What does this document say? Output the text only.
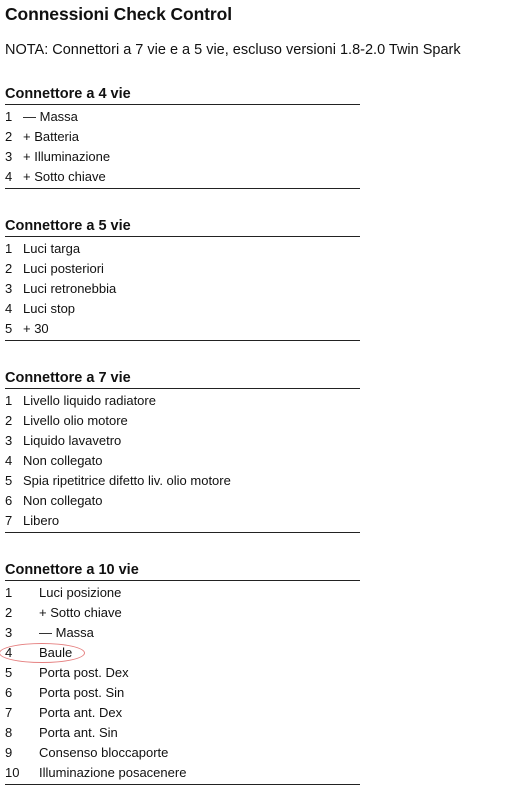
Connessioni Check Control
NOTA: Connettori a 7 vie e a 5 vie, escluso versioni 1.8-2.0 Twin Spark
Connettore a 4 vie
1 — Massa
2 + Batteria
3 + Illuminazione
4 + Sotto chiave
Connettore a 5 vie
1 Luci targa
2 Luci posteriori
3 Luci retronebbia
4 Luci stop
5 + 30
Connettore a 7 vie
1 Livello liquido radiatore
2 Livello olio motore
3 Liquido lavavetro
4 Non collegato
5 Spia ripetitrice difetto liv. olio motore
6 Non collegato
7 Libero
Connettore a 10 vie
1 Luci posizione
2 + Sotto chiave
3 — Massa
4 Baule
5 Porta post. Dex
6 Porta post. Sin
7 Porta ant. Dex
8 Porta ant. Sin
9 Consenso bloccaporte
10 Illuminazione posacenere
